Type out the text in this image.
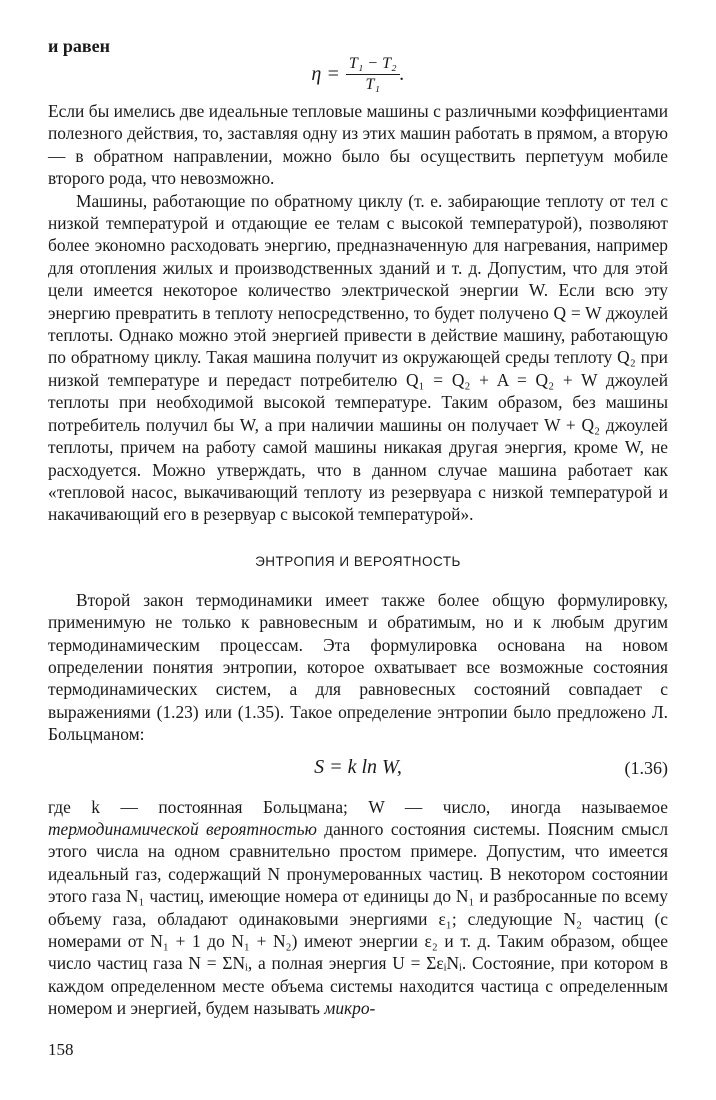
и равен
$\eta = \frac{\text{T₁ − T₂}}{\text{T₁}}$ .

Если бы имелись две идеальные тепловые машины с различными коэффициентами полезного действия, то, заставляя одну из этих машин работать в прямом, а вторую — в обратном направлении, можно было бы осуществить перпетуум мобиле второго рода, что невозможно.

Машины, работающие по обратному циклу (т. е. забирающие теплоту от тел с низкой температурой и отдающие ее телам с высокой температурой), позволяют более экономно расходовать энергию, предназначенную для нагревания, например для отопления жилых и производственных зданий и т. д. Допустим, что для этой цели имеется некоторое количество электрической энергии W. Если всю эту энергию превратить в теплоту непосредственно, то будет получено Q = W джоулей теплоты. Однако можно этой энергией привести в действие машину, работающую по обратному циклу. Такая машина получит из окружающей среды теплоту Q₂ при низкой температуре и передаст потребителю Q₁ = Q₂ + A = Q₂ + W джоулей теплоты при необходимой высокой температуре. Таким образом, без машины потребитель получил бы W, а при наличии машины он получает W + Q₂ джоулей теплоты, причем на работу самой машины никакая другая энергия, кроме W, не расходуется. Можно утверждать, что в данном случае машина работает как «тепловой насос, выкачивающий теплоту из резервуара с низкой температурой и накачивающий его в резервуар с высокой температурой».

ЭНТРОПИЯ И ВЕРОЯТНОСТЬ

Второй закон термодинамики имеет также более общую формулировку, применимую не только к равновесным и обратимым, но и к любым другим термодинамическим процессам. Эта формулировка основана на новом определении понятия энтропии, которое охватывает все возможные состояния термодинамических систем, а для равновесных состояний совпадает с выражениями (1.23) или (1.35). Такое определение энтропии было предложено Л. Больцманом:

S = k ln W,	(1.36)

где k — постоянная Больцмана; W — число, иногда называемое термодинамической вероятностью данного состояния системы. Поясним смысл этого числа на одном сравнительно простом примере. Допустим, что имеется идеальный газ, содержащий N пронумерованных частиц. В некотором состоянии этого газа N₁ частиц, имеющие номера от единицы до N₁ и разбросанные по всему объему газа, обладают одинаковыми энергиями ε₁; следующие N₂ частиц (с номерами от N₁ + 1 до N₁ + N₂) имеют энергии ε₂ и т. д. Таким образом, общее число частиц газа N = ΣNᵢ, а полная энергия U = ΣεᵢNᵢ. Состояние, при котором в каждом определенном месте объема системы находится частица с определенным номером и энергией, будем называть микро-

158
